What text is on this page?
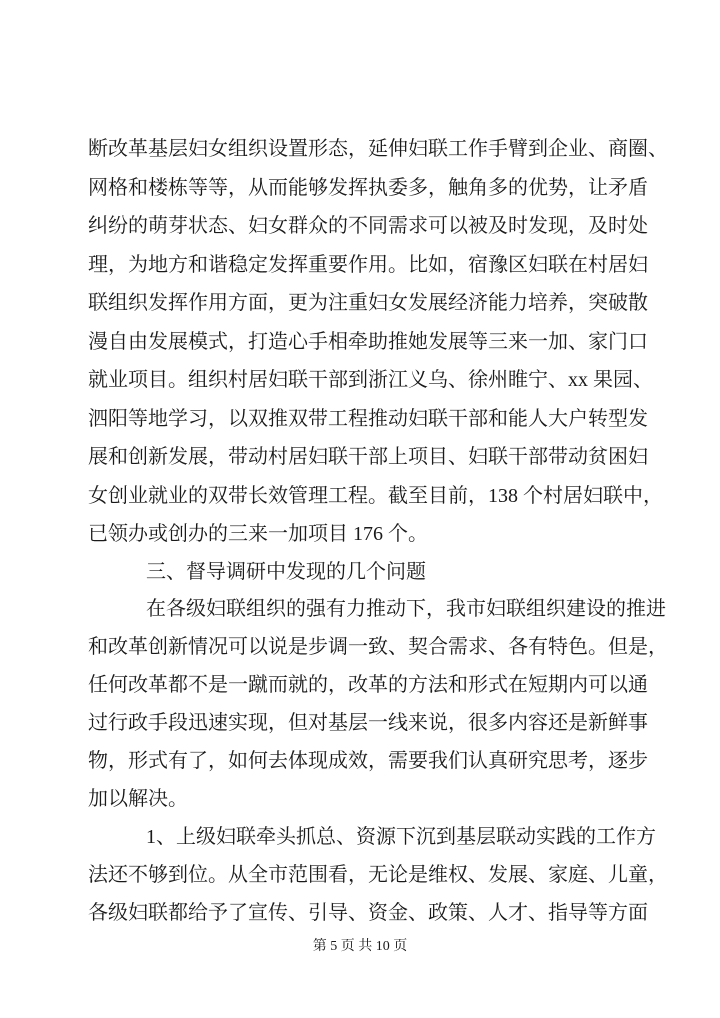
断改革基层妇女组织设置形态，延伸妇联工作手臂到企业、商圈、
网格和楼栋等等，从而能够发挥执委多，触角多的优势，让矛盾
纠纷的萌芽状态、妇女群众的不同需求可以被及时发现，及时处
理，为地方和谐稳定发挥重要作用。比如，宿豫区妇联在村居妇
联组织发挥作用方面，更为注重妇女发展经济能力培养，突破散
漫自由发展模式，打造心手相牵助推她发展等三来一加、家门口
就业项目。组织村居妇联干部到浙江义乌、徐州睢宁、xx 果园、
泗阳等地学习，以双推双带工程推动妇联干部和能人大户转型发
展和创新发展，带动村居妇联干部上项目、妇联干部带动贫困妇
女创业就业的双带长效管理工程。截至目前，138 个村居妇联中，
已领办或创办的三来一加项目 176 个。
三、督导调研中发现的几个问题
在各级妇联组织的强有力推动下，我市妇联组织建设的推进
和改革创新情况可以说是步调一致、契合需求、各有特色。但是，
任何改革都不是一蹴而就的，改革的方法和形式在短期内可以通
过行政手段迅速实现，但对基层一线来说，很多内容还是新鲜事
物，形式有了，如何去体现成效，需要我们认真研究思考，逐步
加以解决。
1、上级妇联牵头抓总、资源下沉到基层联动实践的工作方
法还不够到位。从全市范围看，无论是维权、发展、家庭、儿童，
各级妇联都给予了宣传、引导、资金、政策、人才、指导等方面
第 5 页 共 10 页
